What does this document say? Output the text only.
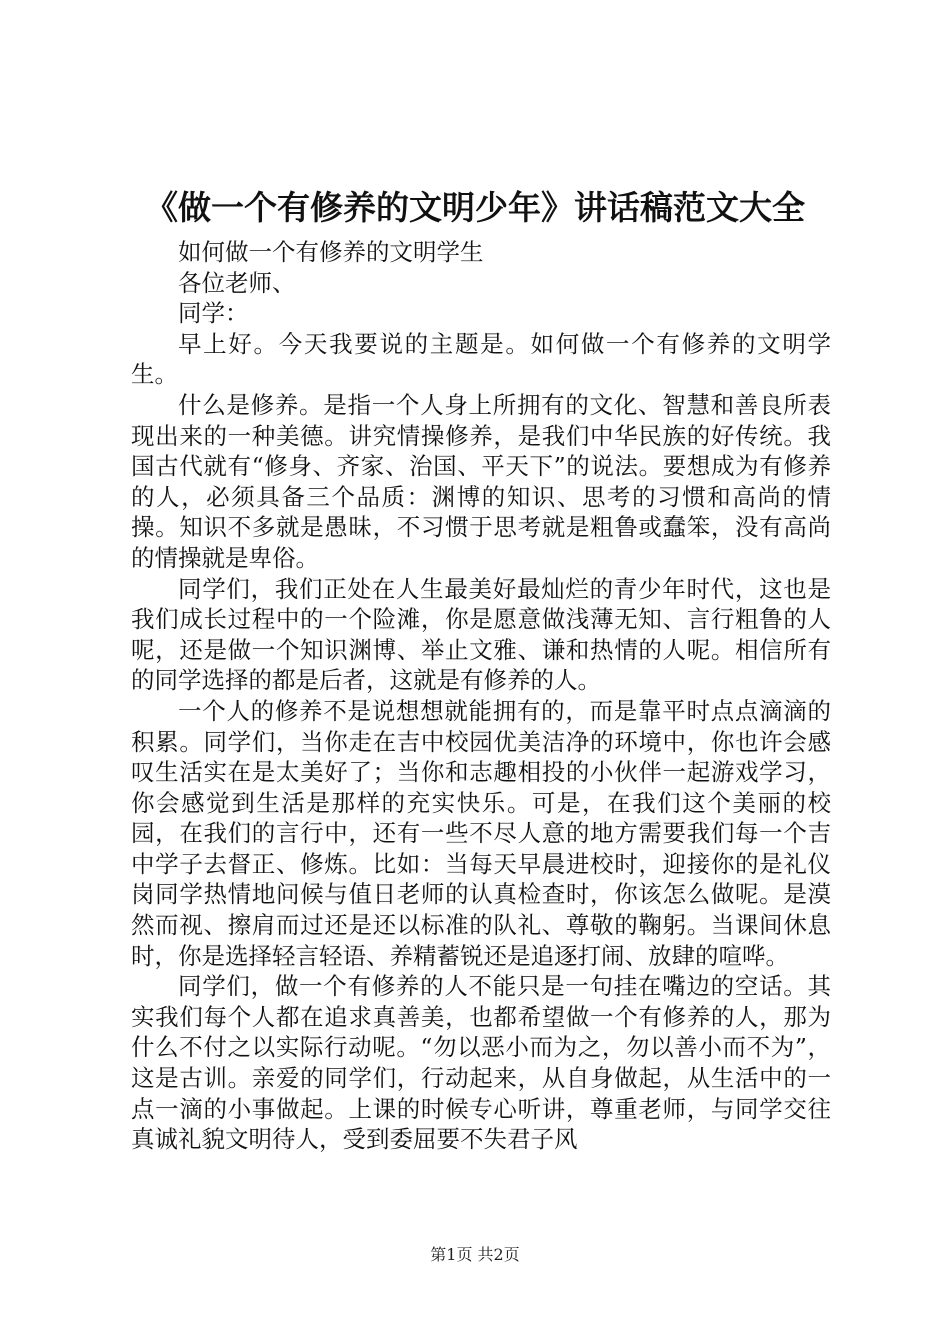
《做一个有修养的文明少年》讲话稿范文大全

如何做一个有修养的文明学生

各位老师、

同学：

早上好。今天我要说的主题是。如何做一个有修养的文明学生。

什么是修养。是指一个人身上所拥有的文化、智慧和善良所表现出来的一种美德。讲究情操修养，是我们中华民族的好传统。我国古代就有“修身、齐家、治国、平天下”的说法。要想成为有修养的人，必须具备三个品质：渊博的知识、思考的习惯和高尚的情操。知识不多就是愚昧，不习惯于思考就是粗鲁或蠢笨，没有高尚的情操就是卑俗。

同学们，我们正处在人生最美好最灿烂的青少年时代，这也是我们成长过程中的一个险滩，你是愿意做浅薄无知、言行粗鲁的人呢，还是做一个知识渊博、举止文雅、谦和热情的人呢。相信所有的同学选择的都是后者，这就是有修养的人。

一个人的修养不是说想想就能拥有的，而是靠平时点点滴滴的积累。同学们，当你走在吉中校园优美洁净的环境中，你也许会感叹生活实在是太美好了；当你和志趣相投的小伙伴一起游戏学习，你会感觉到生活是那样的充实快乐。可是，在我们这个美丽的校园，在我们的言行中，还有一些不尽人意的地方需要我们每一个吉中学子去督正、修炼。比如：当每天早晨进校时，迎接你的是礼仪岗同学热情地问候与值日老师的认真检查时，你该怎么做呢。是漠然而视、擦肩而过还是还以标准的队礼、尊敬的鞠躬。当课间休息时，你是选择轻言轻语、养精蓄锐还是追逐打闹、放肆的喧哗。

同学们，做一个有修养的人不能只是一句挂在嘴边的空话。其实我们每个人都在追求真善美，也都希望做一个有修养的人，那为什么不付之以实际行动呢。“勿以恶小而为之，勿以善小而不为”，这是古训。亲爱的同学们，行动起来，从自身做起，从生活中的一点一滴的小事做起。上课的时候专心听讲，尊重老师，与同学交往真诚礼貌文明待人，受到委屈要不失君子风

第1页 共2页
